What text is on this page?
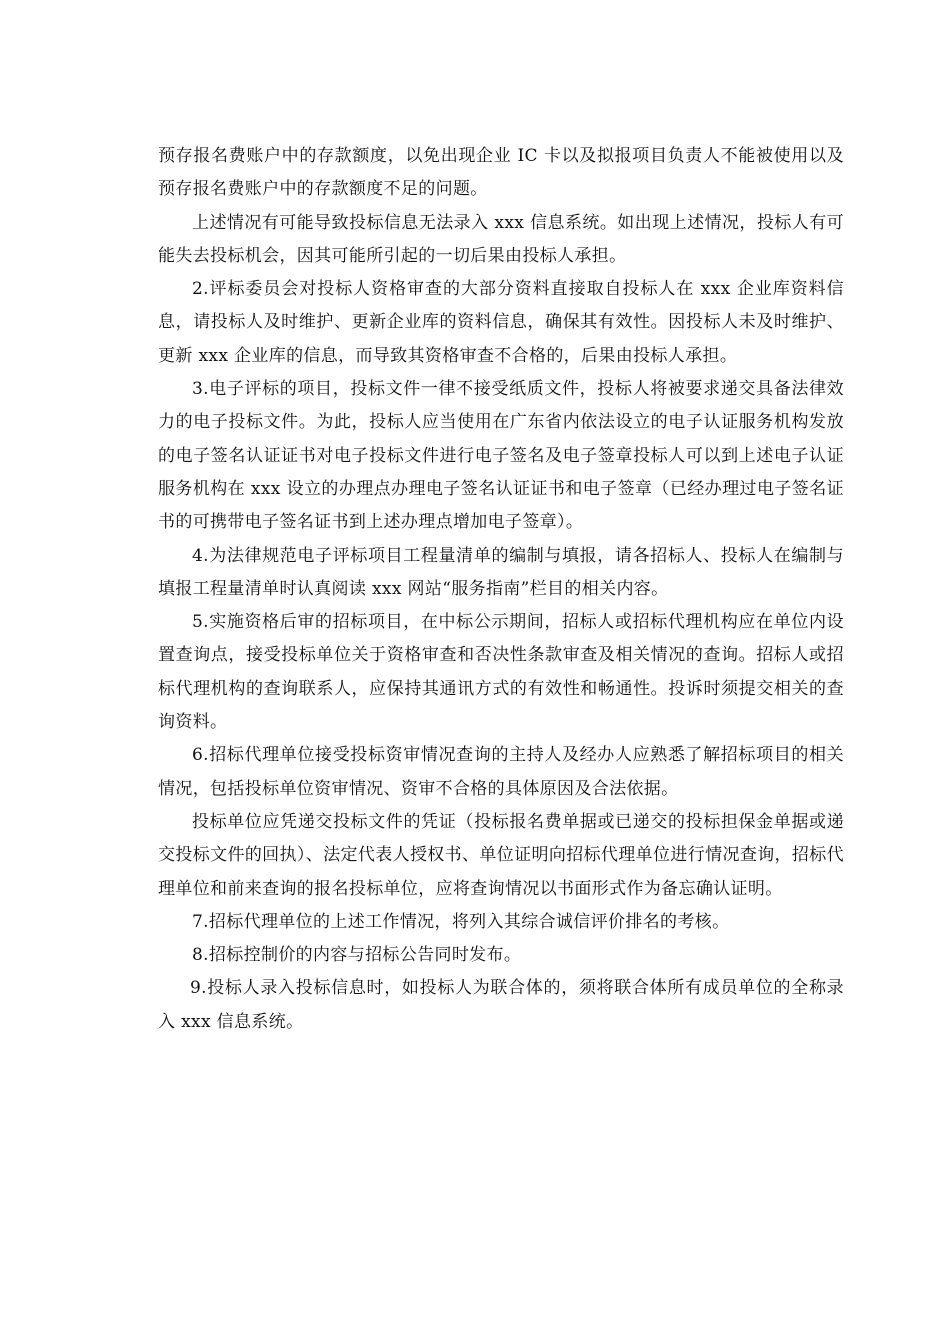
预存报名费账户中的存款额度，以免出现企业 IC 卡以及拟报项目负责人不能被使用以及预存报名费账户中的存款额度不足的问题。

上述情况有可能导致投标信息无法录入 xxx 信息系统。如出现上述情况，投标人有可能失去投标机会，因其可能所引起的一切后果由投标人承担。

2.评标委员会对投标人资格审查的大部分资料直接取自投标人在 xxx 企业库资料信息，请投标人及时维护、更新企业库的资料信息，确保其有效性。因投标人未及时维护、更新 xxx 企业库的信息，而导致其资格审查不合格的，后果由投标人承担。

3.电子评标的项目，投标文件一律不接受纸质文件，投标人将被要求递交具备法律效力的电子投标文件。为此，投标人应当使用在广东省内依法设立的电子认证服务机构发放的电子签名认证证书对电子投标文件进行电子签名及电子签章投标人可以到上述电子认证服务机构在 xxx 设立的办理点办理电子签名认证证书和电子签章（已经办理过电子签名证书的可携带电子签名证书到上述办理点增加电子签章）。

4.为法律规范电子评标项目工程量清单的编制与填报，请各招标人、投标人在编制与填报工程量清单时认真阅读 xxx 网站“服务指南”栏目的相关内容。

5.实施资格后审的招标项目，在中标公示期间，招标人或招标代理机构应在单位内设置查询点，接受投标单位关于资格审查和否决性条款审查及相关情况的查询。招标人或招标代理机构的查询联系人，应保持其通讯方式的有效性和畅通性。投诉时须提交相关的查询资料。

6.招标代理单位接受投标资审情况查询的主持人及经办人应熟悉了解招标项目的相关情况，包括投标单位资审情况、资审不合格的具体原因及合法依据。

投标单位应凭递交投标文件的凭证（投标报名费单据或已递交的投标担保金单据或递交投标文件的回执）、法定代表人授权书、单位证明向招标代理单位进行情况查询，招标代理单位和前来查询的报名投标单位，应将查询情况以书面形式作为备忘确认证明。

7.招标代理单位的上述工作情况，将列入其综合诚信评价排名的考核。

8.招标控制价的内容与招标公告同时发布。

9.投标人录入投标信息时，如投标人为联合体的，须将联合体所有成员单位的全称录入 xxx 信息系统。
